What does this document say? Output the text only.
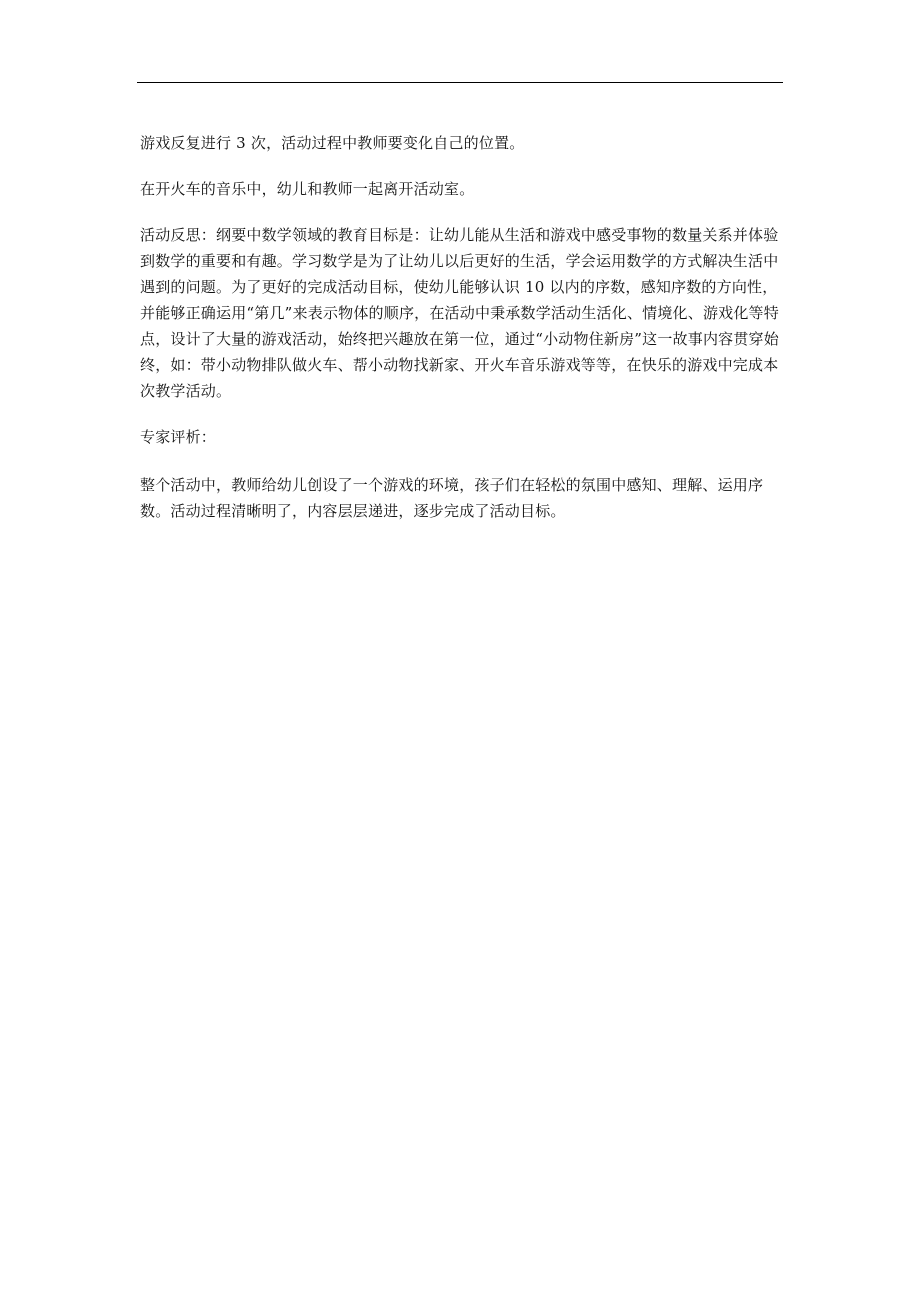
游戏反复进行 3 次，活动过程中教师要变化自己的位置。

在开火车的音乐中，幼儿和教师一起离开活动室。

活动反思：纲要中数学领域的教育目标是：让幼儿能从生活和游戏中感受事物的数量关系并体验到数学的重要和有趣。学习数学是为了让幼儿以后更好的生活，学会运用数学的方式解决生活中遇到的问题。为了更好的完成活动目标，使幼儿能够认识 10 以内的序数，感知序数的方向性，并能够正确运用“第几”来表示物体的顺序，在活动中秉承数学活动生活化、情境化、游戏化等特点，设计了大量的游戏活动，始终把兴趣放在第一位，通过“小动物住新房”这一故事内容贯穿始终，如：带小动物排队做火车、帮小动物找新家、开火车音乐游戏等等，在快乐的游戏中完成本次教学活动。

专家评析：

整个活动中，教师给幼儿创设了一个游戏的环境，孩子们在轻松的氛围中感知、理解、运用序数。活动过程清晰明了，内容层层递进，逐步完成了活动目标。
